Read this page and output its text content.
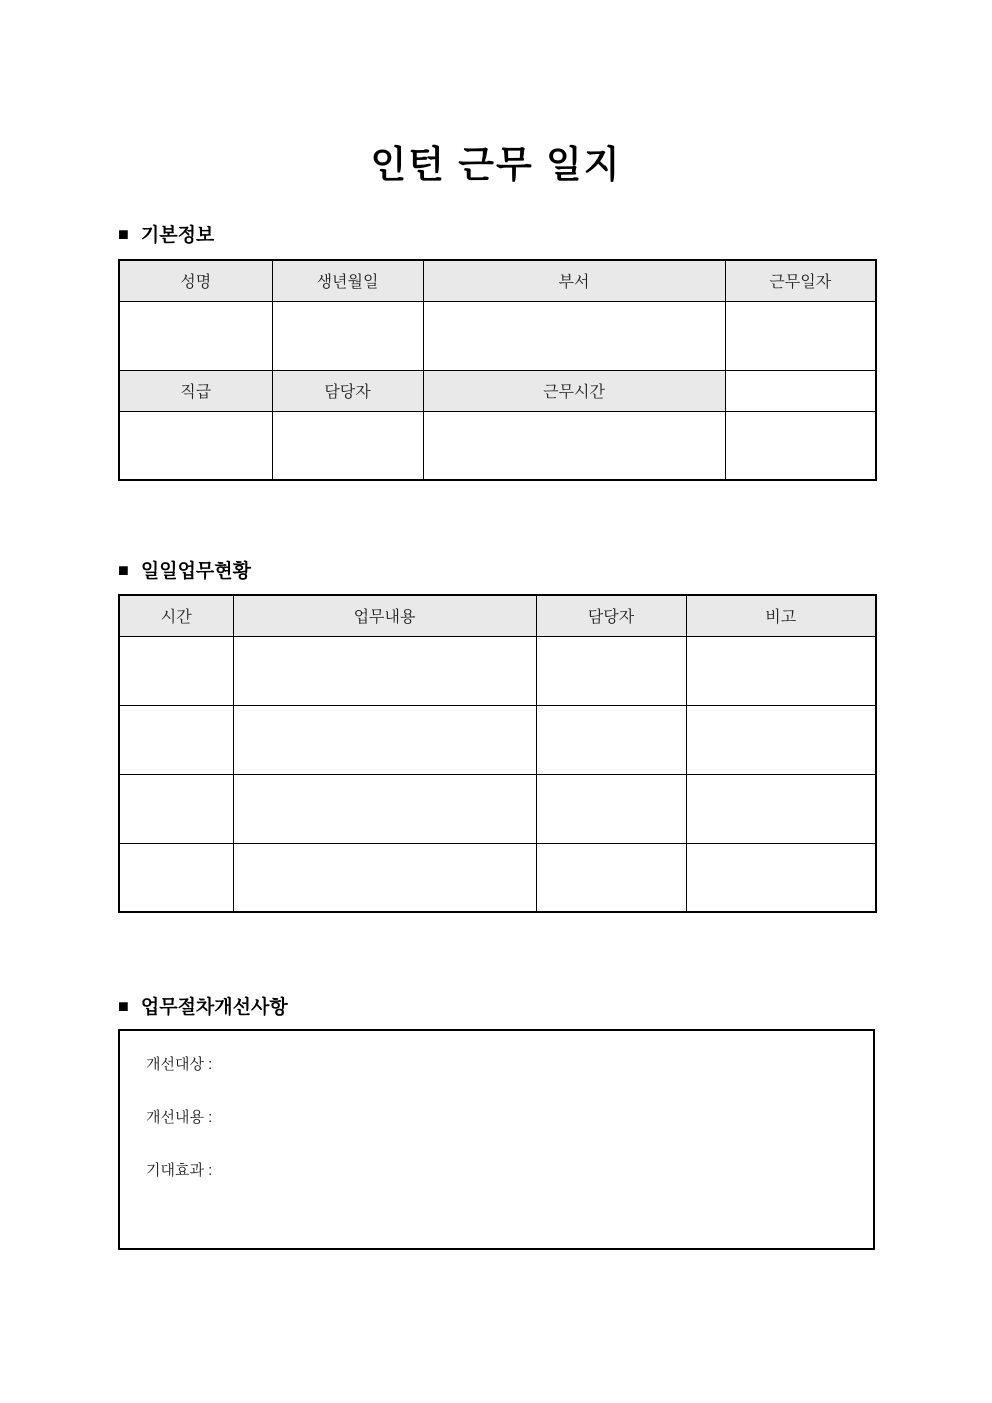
인턴 근무 일지
■ 기본정보
성명	생년월일	부서	근무일자

직급	담당자	근무시간	

■ 일일업무현황
시간	업무내용	담당자	비고

■ 업무절차개선사항
개선대상 :
개선내용 :
기대효과 :
